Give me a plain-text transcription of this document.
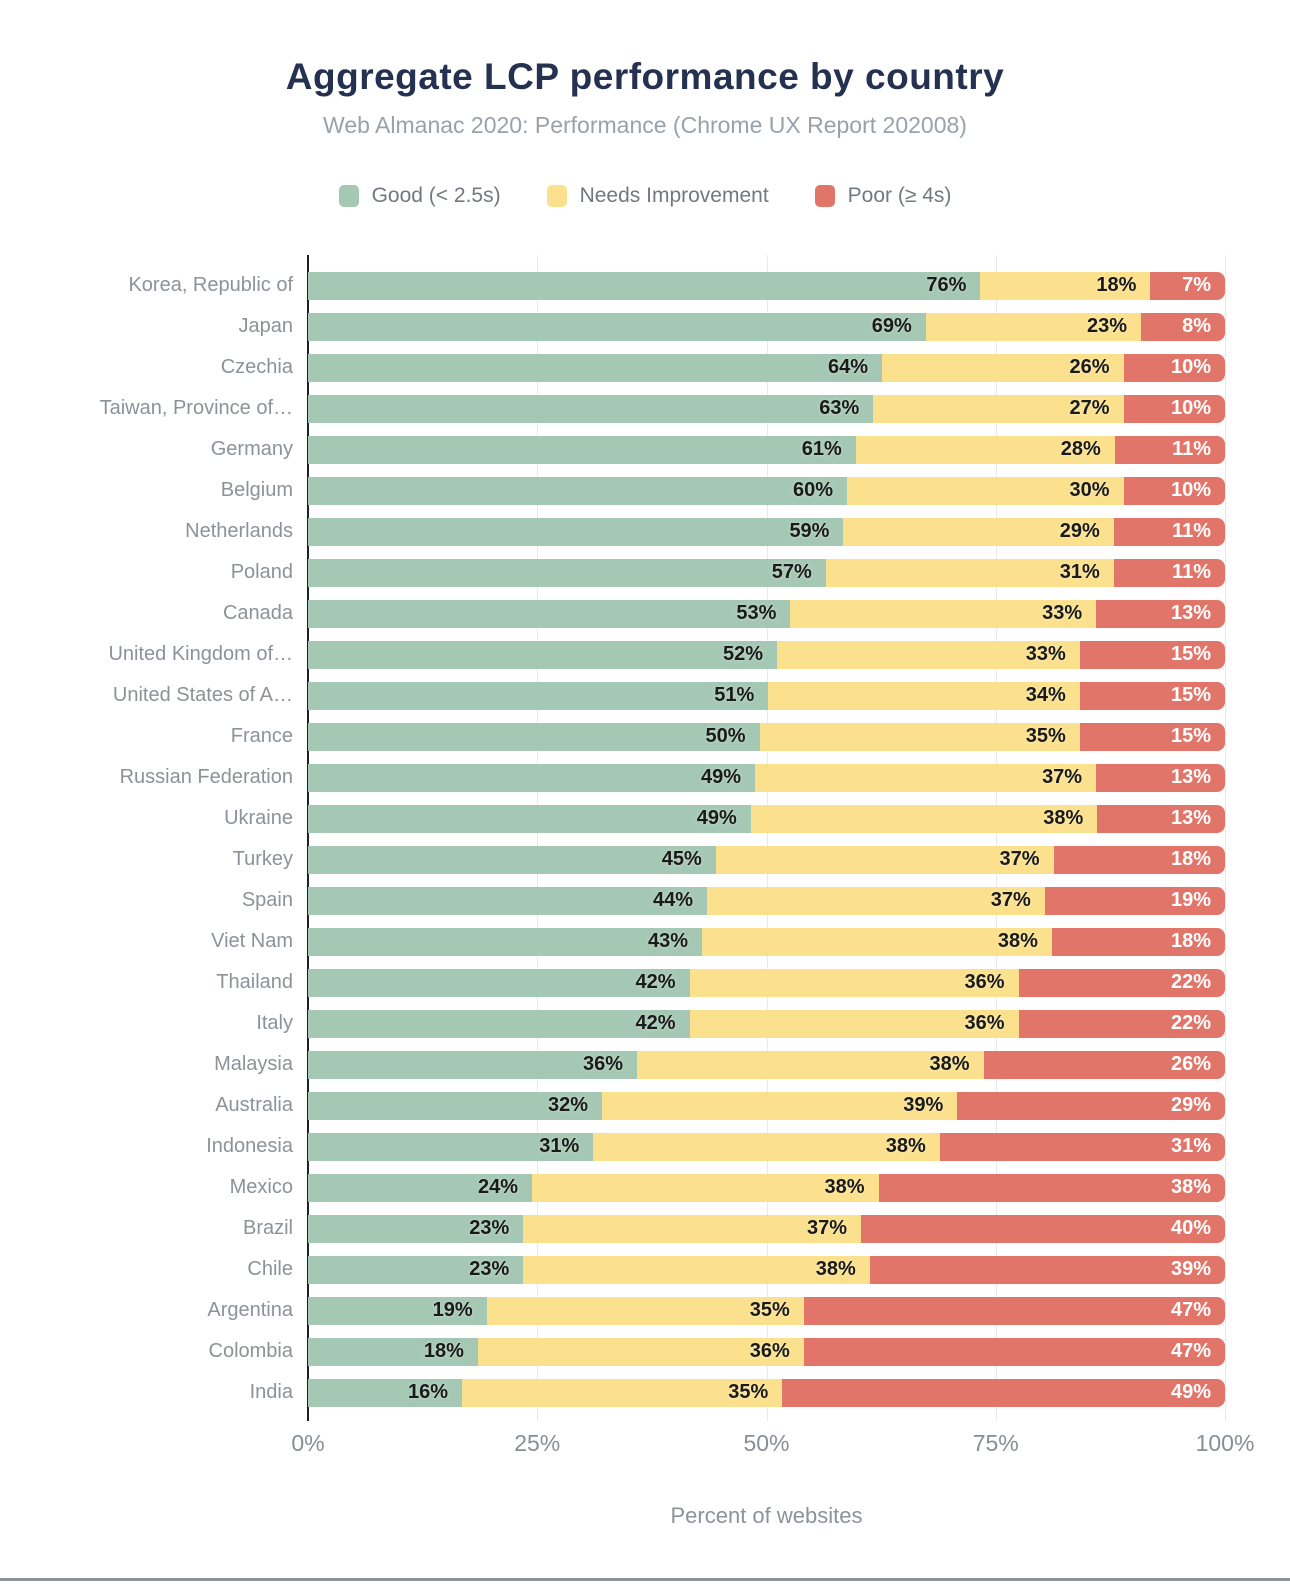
Aggregate LCP performance by country
Web Almanac 2020: Performance (Chrome UX Report 202008)
Good (< 2.5s)	Needs Improvement	Poor (≥ 4s)
Korea, Republic of	76%	18%	7%
Japan	69%	23%	8%
Czechia	64%	26%	10%
Taiwan, Province of…	63%	27%	10%
Germany	61%	28%	11%
Belgium	60%	30%	10%
Netherlands	59%	29%	11%
Poland	57%	31%	11%
Canada	53%	33%	13%
United Kingdom of…	52%	33%	15%
United States of A…	51%	34%	15%
France	50%	35%	15%
Russian Federation	49%	37%	13%
Ukraine	49%	38%	13%
Turkey	45%	37%	18%
Spain	44%	37%	19%
Viet Nam	43%	38%	18%
Thailand	42%	36%	22%
Italy	42%	36%	22%
Malaysia	36%	38%	26%
Australia	32%	39%	29%
Indonesia	31%	38%	31%
Mexico	24%	38%	38%
Brazil	23%	37%	40%
Chile	23%	38%	39%
Argentina	19%	35%	47%
Colombia	18%	36%	47%
India	16%	35%	49%
0%	25%	50%	75%	100%
Percent of websites
